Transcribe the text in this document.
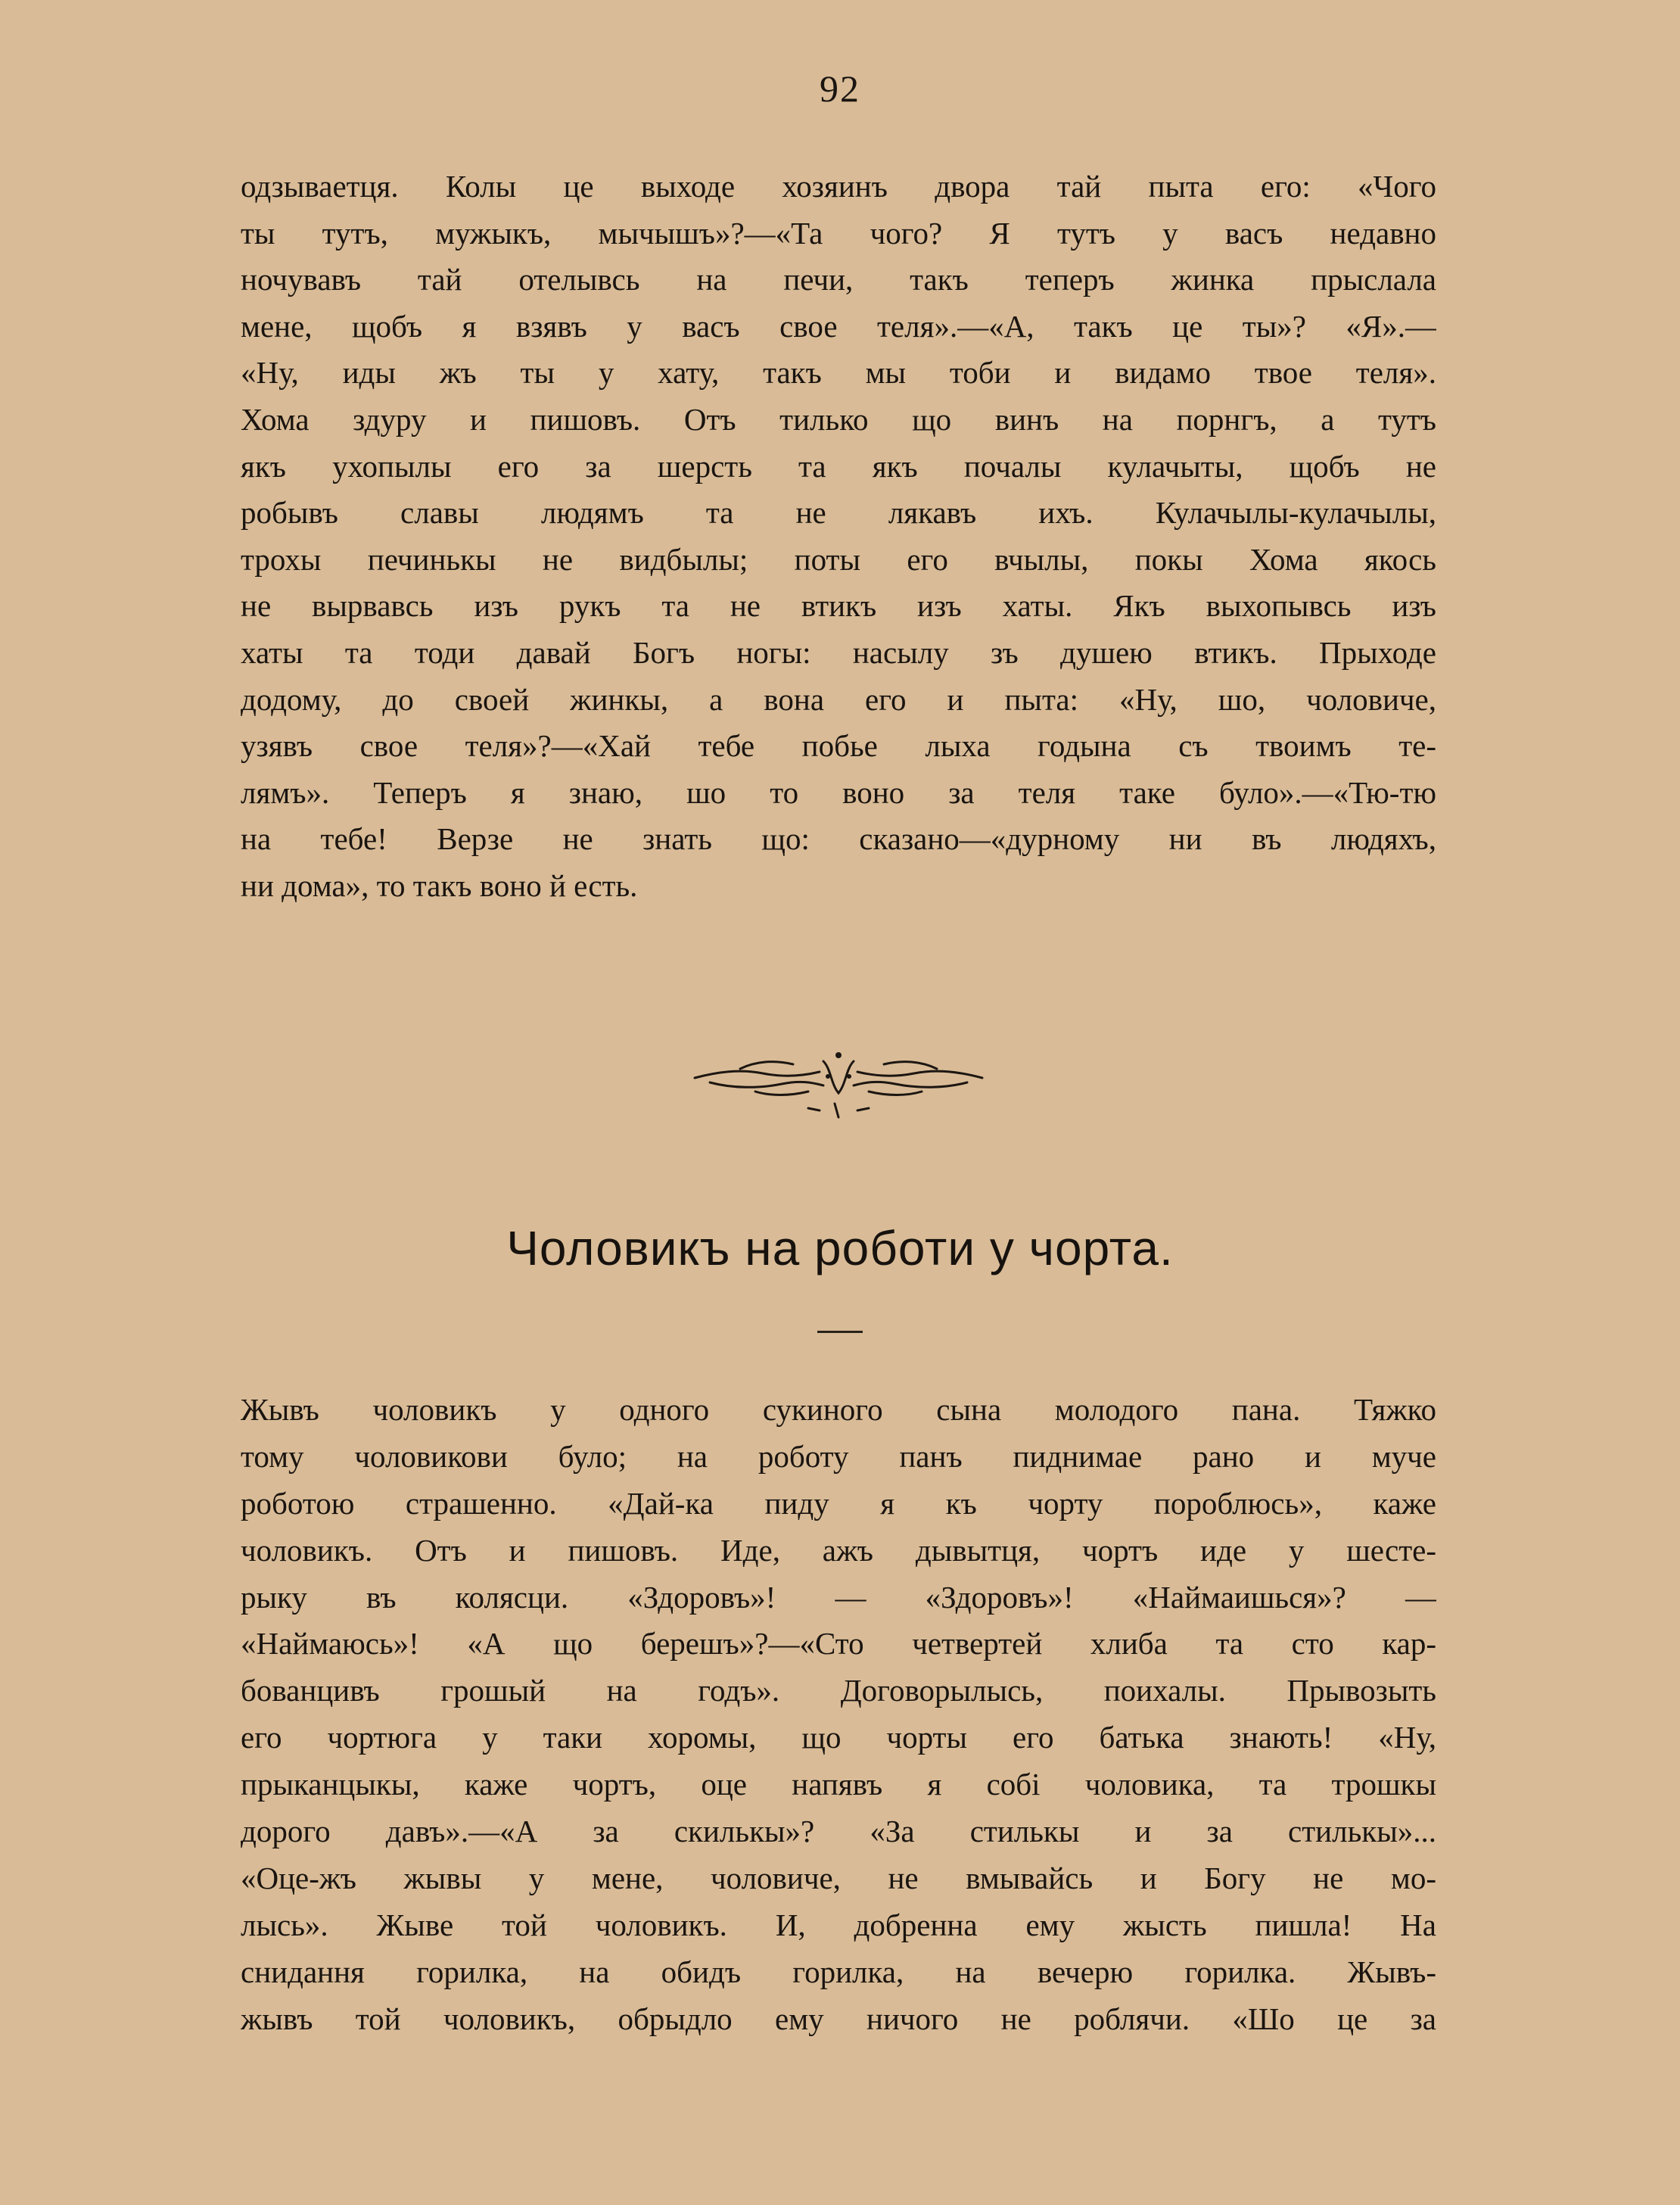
92
одзываетця. Колы це выходе хозяинъ двора тай пыта его: «Чого
ты тутъ, мужыкъ, мычышъ»?—«Та чого? Я тутъ у васъ недавно
ночувавъ тай отелывсь на печи, такъ теперъ жинка прыслала
мене, щобъ я взявъ у васъ свое теля».—«А, такъ це ты»? «Я».—
«Ну, иды жъ ты у хату, такъ мы тоби и видамо твое теля».
Хома здуру и пишовъ. Отъ тилько що винъ на порнгъ, а тутъ
якъ ухопылы его за шерсть та якъ почалы кулачыты, щобъ не
робывъ славы людямъ та не лякавъ ихъ. Кулачылы-кулачылы,
трохы печинькы не видбылы; поты его вчылы, покы Хома якось
не вырвавсь изъ рукъ та не втикъ изъ хаты. Якъ выхопывсь изъ
хаты та тоди давай Богъ ногы: насылу зъ душею втикъ. Прыходе
додому, до своей жинкы, а вона его и пыта: «Ну, шо, чоловиче,
узявъ свое теля»?—«Хай тебе побье лыха годына съ твоимъ те-
лямъ». Теперъ я знаю, шо то воно за теля таке було».—«Тю-тю
на тебе! Верзе не знать що: сказано—«дурному ни въ людяхъ,
ни дома», то такъ воно й есть.
Чоловикъ на роботи у чорта.
Жывъ чоловикъ у одного сукиного сына молодого пана. Тяжко
тому чоловикови було; на роботу панъ пиднимае рано и муче
роботою страшенно. «Дай-ка пиду я къ чорту пороблюсь», каже
чоловикъ. Отъ и пишовъ. Иде, ажъ дывытця, чортъ иде у шесте-
рыку въ колясци. «Здоровъ»! — «Здоровъ»! «Наймаишься»? —
«Наймаюсь»! «А що берешъ»?—«Сто четвертей хлиба та сто кар-
бованцивъ грошый на годъ». Договорылысь, поихалы. Прывозыть
его чортюга у таки хоромы, що чорты его батька знають! «Ну,
прыканцыкы, каже чортъ, оце напявъ я собі чоловика, та трошкы
дорого давъ».—«А за скилькы»? «За стилькы и за стилькы»...
«Оце-жъ жывы у мене, чоловиче, не вмывайсь и Богу не мо-
лысь». Жыве той чоловикъ. И, добренна ему жысть пишла! На
снидання горилка, на обидъ горилка, на вечерю горилка. Жывъ-
жывъ той чоловикъ, обрыдло ему ничого не роблячи. «Шо це за
